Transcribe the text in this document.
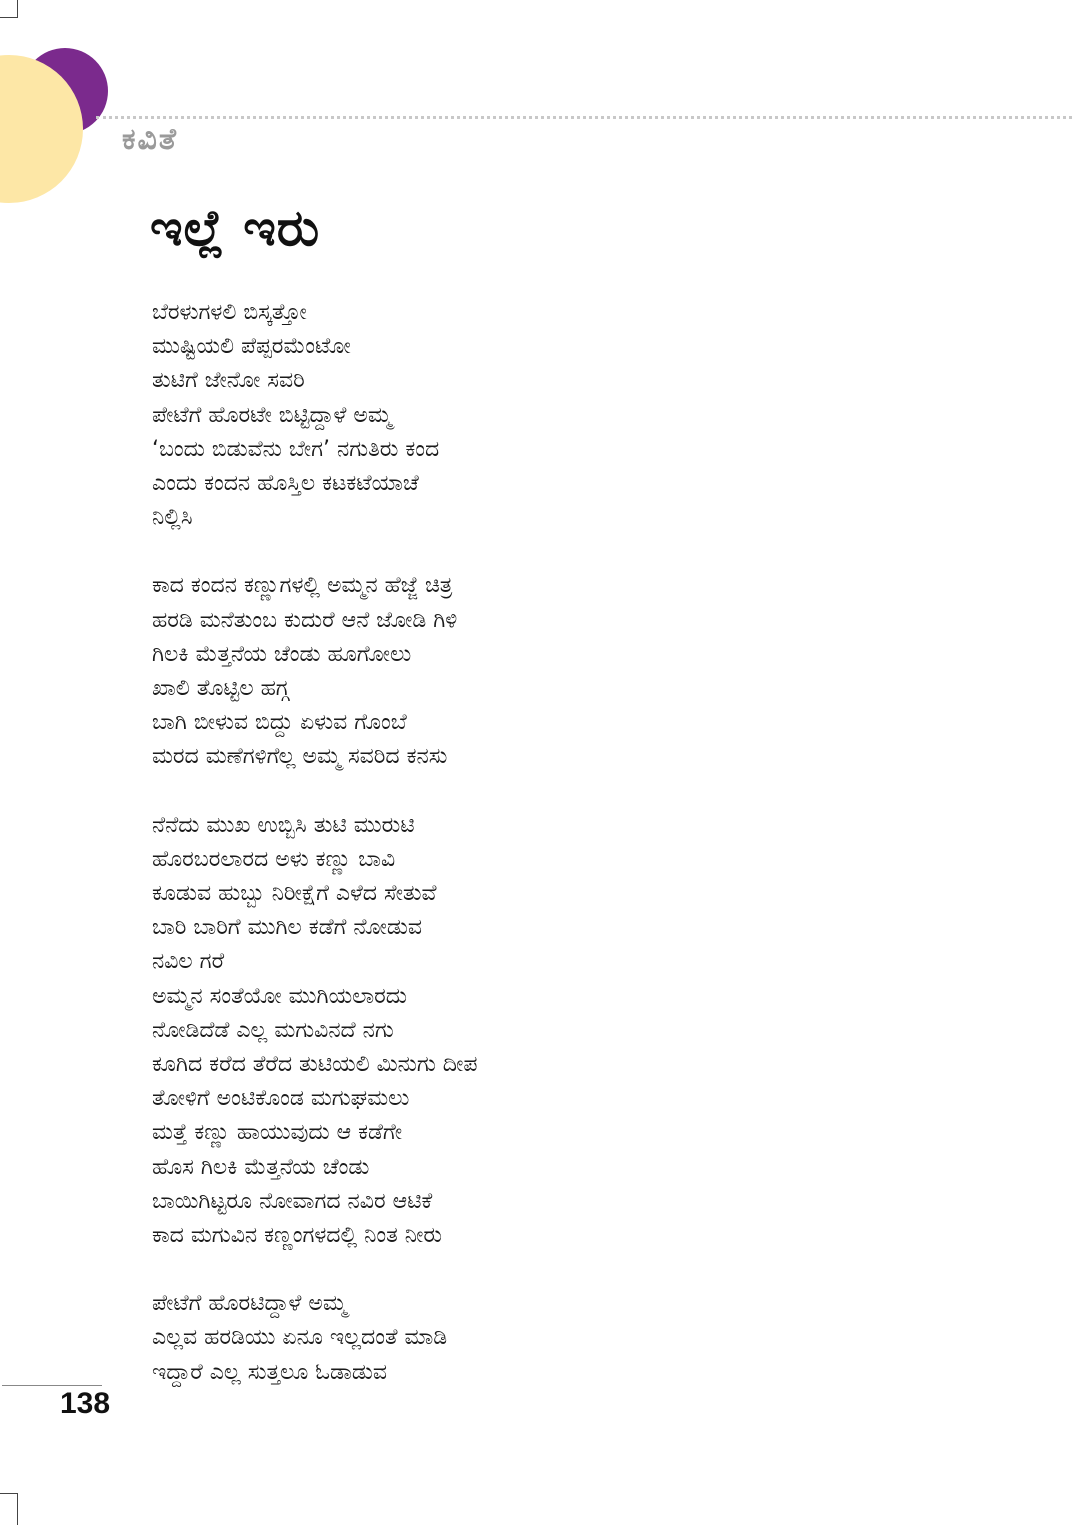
ಕವಿತೆ
ಇಲ್ಲೆ ಇರು
ಬೆರಳುಗಳಲಿ ಬಿಸ್ಕತ್ತೋ
ಮುಷ್ಟಿಯಲಿ ಪೆಪ್ಪರಮೆಂಟೋ
ತುಟಿಗೆ ಜೇನೋ ಸವರಿ
ಪೇಟೆಗೆ ಹೊರಟೇ ಬಿಟ್ಟಿದ್ದಾಳೆ ಅಮ್ಮ
‘ಬಂದು ಬಿಡುವೆನು ಬೇಗ’ ನಗುತಿರು ಕಂದ
ಎಂದು ಕಂದನ ಹೊಸ್ತಿಲ ಕಟಕಟೆಯಾಚೆ
ನಿಲ್ಲಿಸಿ
ಕಾದ ಕಂದನ ಕಣ್ಣುಗಳಲ್ಲಿ ಅಮ್ಮನ ಹೆಜ್ಜೆ ಚಿತ್ರ
ಹರಡಿ ಮನೆತುಂಬ ಕುದುರೆ ಆನೆ ಜೋಡಿ ಗಿಳಿ
ಗಿಲಕಿ ಮೆತ್ತನೆಯ ಚೆಂಡು ಹೂಗೋಲು
ಖಾಲಿ ತೊಟ್ಟಿಲ ಹಗ್ಗ
ಬಾಗಿ ಬೀಳುವ ಬಿದ್ದು ಏಳುವ ಗೊಂಬೆ
ಮರದ ಮಣೆಗಳಿಗೆಲ್ಲ ಅಮ್ಮ ಸವರಿದ ಕನಸು
ನೆನೆದು ಮುಖ ಉಬ್ಬಿಸಿ ತುಟಿ ಮುರುಟಿ
ಹೊರಬರಲಾರದ ಅಳು ಕಣ್ಣು ಬಾವಿ
ಕೂಡುವ ಹುಬ್ಬು ನಿರೀಕ್ಷೆಗೆ ಎಳೆದ ಸೇತುವೆ
ಬಾರಿ ಬಾರಿಗೆ ಮುಗಿಲ ಕಡೆಗೆ ನೋಡುವ
ನವಿಲ ಗರೆ
ಅಮ್ಮನ ಸಂತೆಯೋ ಮುಗಿಯಲಾರದು
ನೋಡಿದೆಡೆ ಎಲ್ಲ ಮಗುವಿನದೆ ನಗು
ಕೂಗಿದ ಕರೆದ ತೆರೆದ ತುಟಿಯಲಿ ಮಿನುಗು ದೀಪ
ತೋಳಿಗೆ ಅಂಟಿಕೊಂಡ ಮಗುಘಮಲು
ಮತ್ತೆ ಕಣ್ಣು ಹಾಯುವುದು ಆ ಕಡೆಗೇ
ಹೊಸ ಗಿಲಕಿ ಮೆತ್ತನೆಯ ಚೆಂಡು
ಬಾಯಿಗಿಟ್ಟರೂ ನೋವಾಗದ ನವಿರ ಆಟಿಕೆ
ಕಾದ ಮಗುವಿನ ಕಣ್ಣಂಗಳದಲ್ಲಿ ನಿಂತ ನೀರು
ಪೇಟೆಗೆ ಹೊರಟಿದ್ದಾಳೆ ಅಮ್ಮ
ಎಲ್ಲವ ಹರಡಿಯು ಏನೂ ಇಲ್ಲದಂತೆ ಮಾಡಿ
ಇದ್ದಾರೆ ಎಲ್ಲ ಸುತ್ತಲೂ ಓಡಾಡುವ
138
